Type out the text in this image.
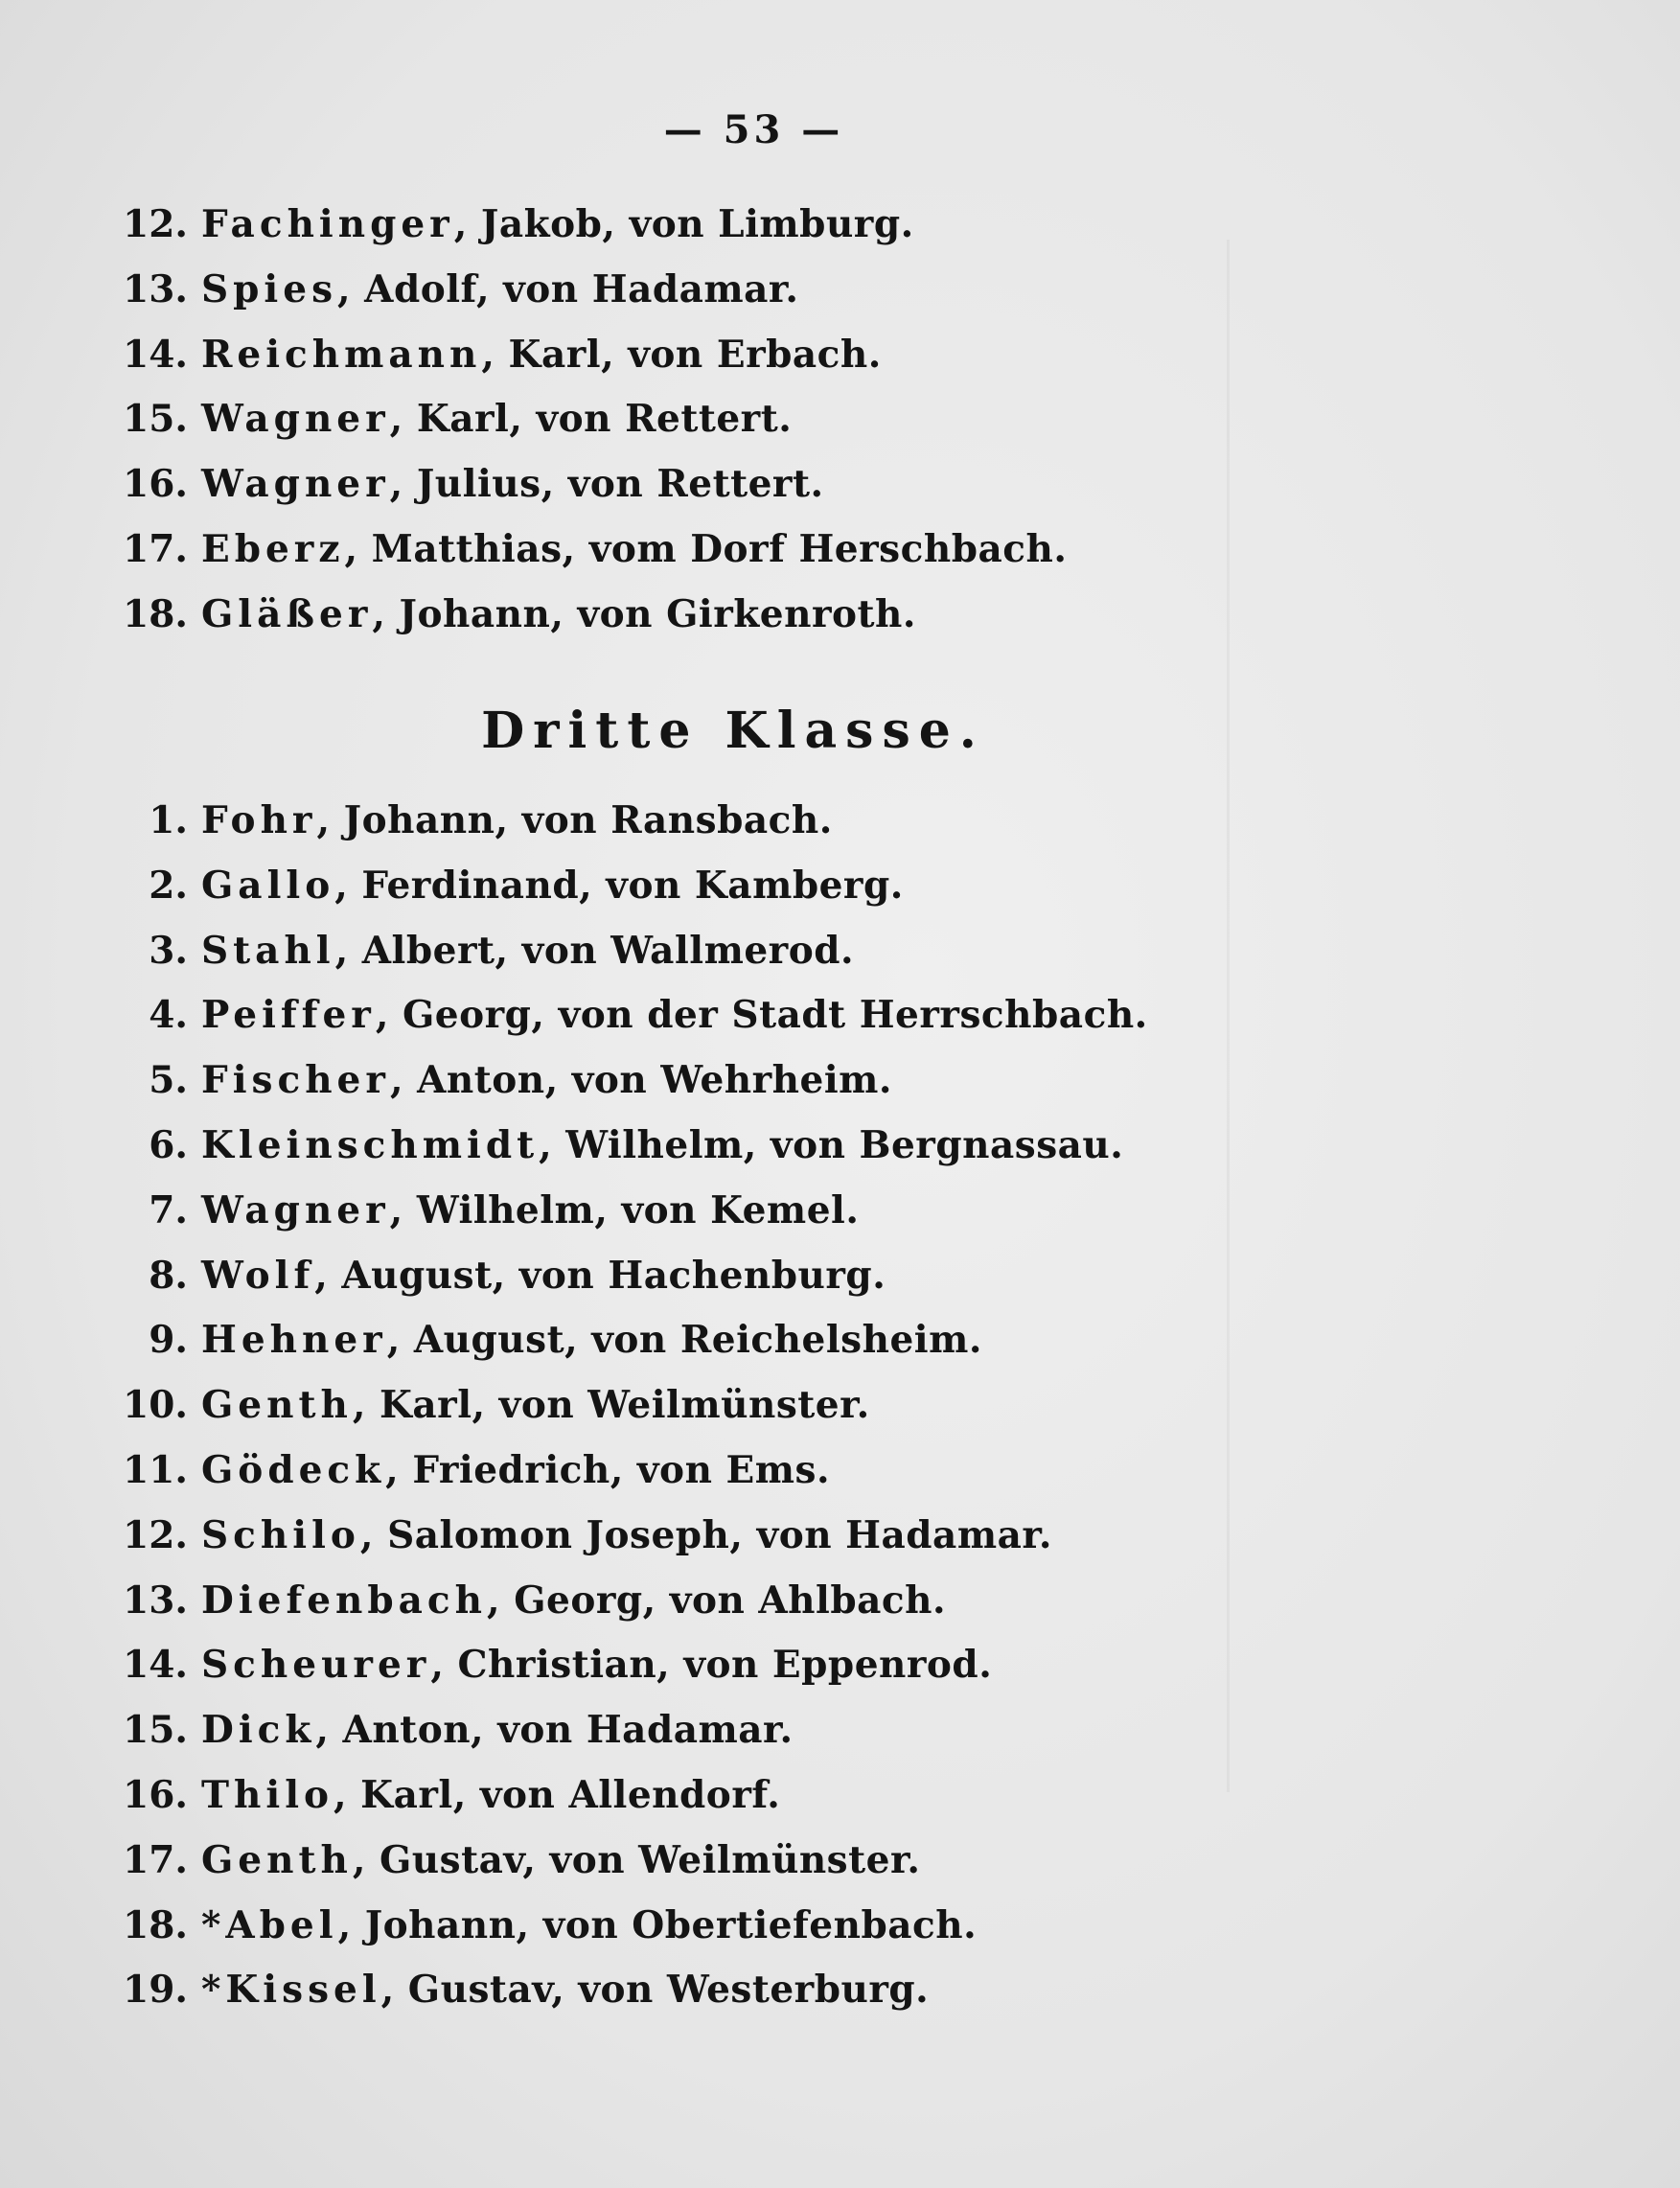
— 53 —
12. Fachinger, Jakob, von Limburg.
13. Spies, Adolf, von Hadamar.
14. Reichmann, Karl, von Erbach.
15. Wagner, Karl, von Rettert.
16. Wagner, Julius, von Rettert.
17. Eberz, Matthias, vom Dorf Herschbach.
18. Gläßer, Johann, von Girkenroth.
Dritte Klasse.
1. Fohr, Johann, von Ransbach.
2. Gallo, Ferdinand, von Kamberg.
3. Stahl, Albert, von Wallmerod.
4. Peiffer, Georg, von der Stadt Herrschbach.
5. Fischer, Anton, von Wehrheim.
6. Kleinschmidt, Wilhelm, von Bergnassau.
7. Wagner, Wilhelm, von Kemel.
8. Wolf, August, von Hachenburg.
9. Hehner, August, von Reichelsheim.
10. Genth, Karl, von Weilmünster.
11. Gödeck, Friedrich, von Ems.
12. Schilo, Salomon Joseph, von Hadamar.
13. Diefenbach, Georg, von Ahlbach.
14. Scheurer, Christian, von Eppenrod.
15. Dick, Anton, von Hadamar.
16. Thilo, Karl, von Allendorf.
17. Genth, Gustav, von Weilmünster.
18. *Abel, Johann, von Obertiefenbach.
19. *Kissel, Gustav, von Westerburg.
